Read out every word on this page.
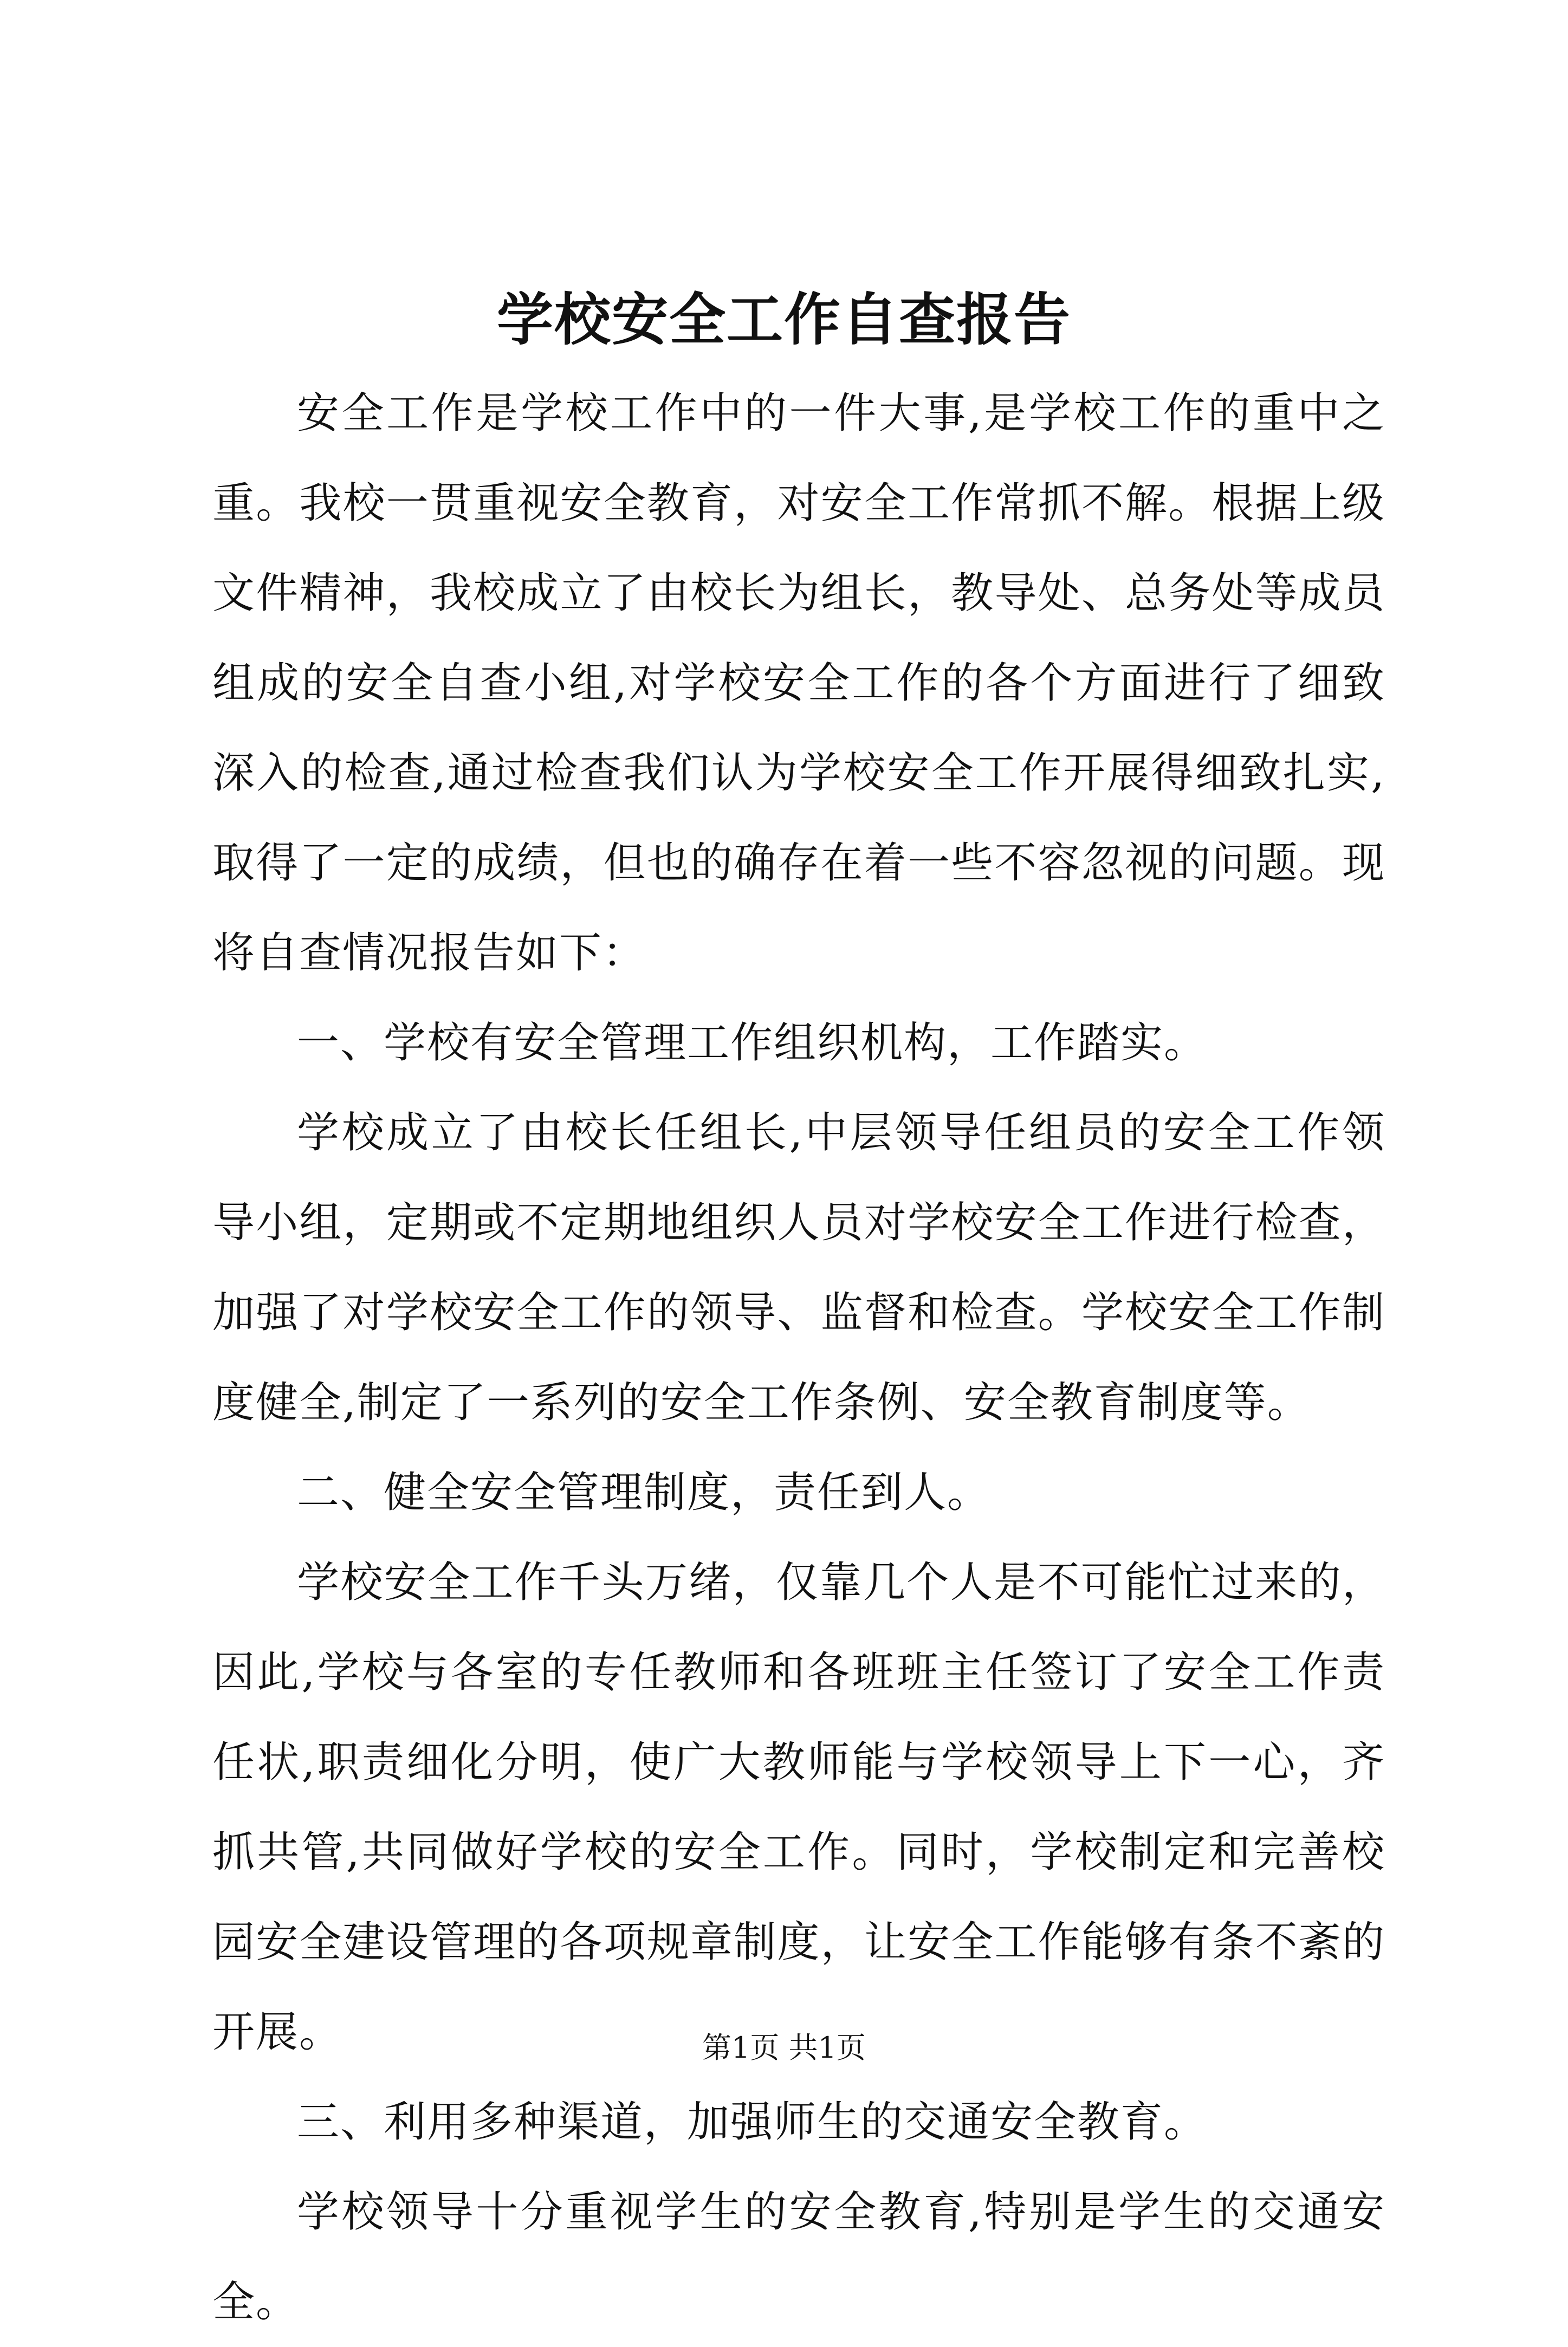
学校安全工作自查报告

安全工作是学校工作中的一件大事,是学校工作的重中之重。我校一贯重视安全教育，对安全工作常抓不解。根据上级文件精神，我校成立了由校长为组长，教导处、总务处等成员组成的安全自查小组,对学校安全工作的各个方面进行了细致深入的检查,通过检查我们认为学校安全工作开展得细致扎实,取得了一定的成绩，但也的确存在着一些不容忽视的问题。现将自查情况报告如下：

一、学校有安全管理工作组织机构，工作踏实。

学校成立了由校长任组长,中层领导任组员的安全工作领导小组，定期或不定期地组织人员对学校安全工作进行检查，加强了对学校安全工作的领导、监督和检查。学校安全工作制度健全,制定了一系列的安全工作条例、安全教育制度等。

二、健全安全管理制度，责任到人。

学校安全工作千头万绪，仅靠几个人是不可能忙过来的，因此,学校与各室的专任教师和各班班主任签订了安全工作责任状,职责细化分明，使广大教师能与学校领导上下一心，齐抓共管,共同做好学校的安全工作。同时，学校制定和完善校园安全建设管理的各项规章制度，让安全工作能够有条不紊的开展。

三、利用多种渠道，加强师生的交通安全教育。

学校领导十分重视学生的安全教育,特别是学生的交通安全。

第1页 共1页
